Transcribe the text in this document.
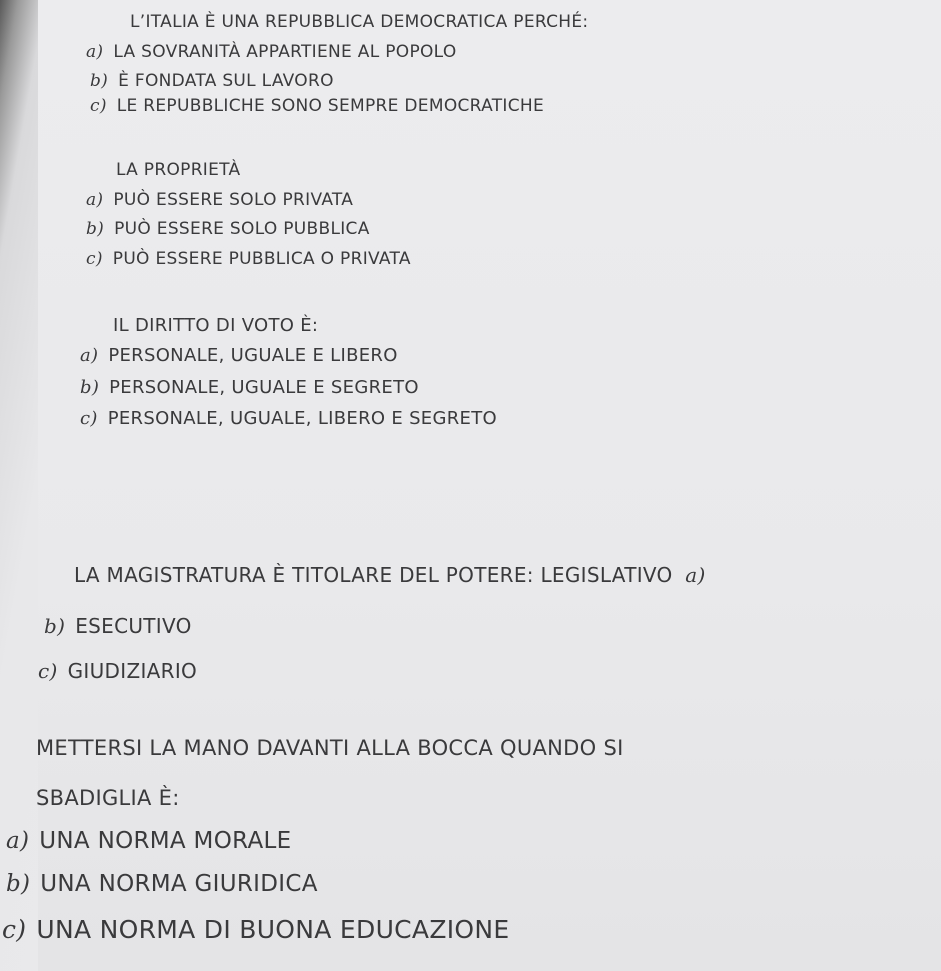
L’ITALIA È UNA REPUBBLICA DEMOCRATICA PERCHÉ:
a) LA SOVRANITÀ APPARTIENE AL POPOLO
b) È FONDATA SUL LAVORO
c) LE REPUBBLICHE SONO SEMPRE DEMOCRATICHE
LA PROPRIETÀ
a) PUÒ ESSERE SOLO PRIVATA
b) PUÒ ESSERE SOLO PUBBLICA
c) PUÒ ESSERE PUBBLICA O PRIVATA
IL DIRITTO DI VOTO È:
a) PERSONALE, UGUALE E LIBERO
b) PERSONALE, UGUALE E SEGRETO
c) PERSONALE, UGUALE, LIBERO E SEGRETO
LA MAGISTRATURA È TITOLARE DEL POTERE: LEGISLATIVO a)
b) ESECUTIVO
c) GIUDIZIARIO
METTERSI LA MANO DAVANTI ALLA BOCCA QUANDO SI
SBADIGLIA È:
a) UNA NORMA MORALE
b) UNA NORMA GIURIDICA
c) UNA NORMA DI BUONA EDUCAZIONE
